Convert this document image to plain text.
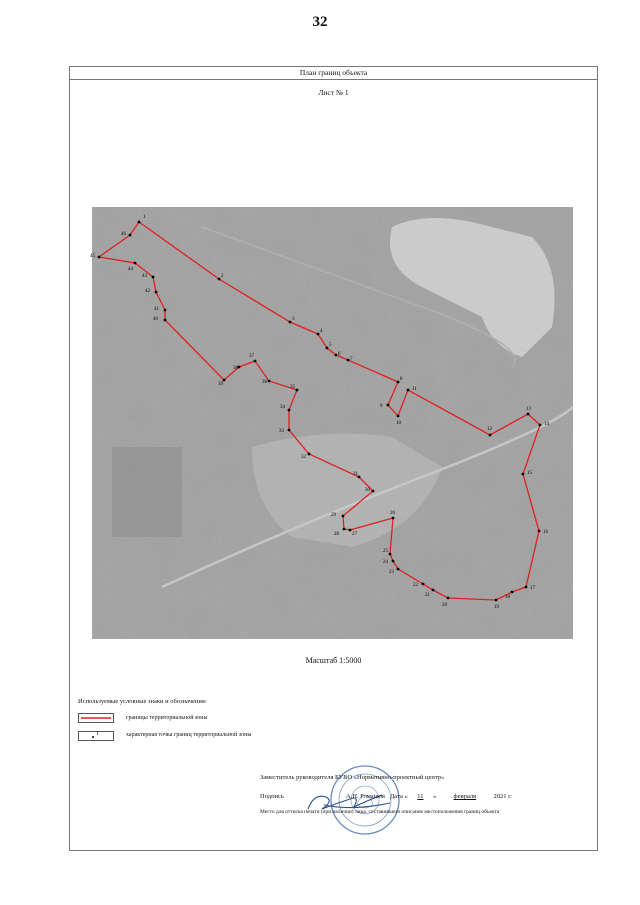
32
План границ объекта
Лист № 1
1
2
3
4
5
6
7
8
9
10
11
12
13
14
15
16
17
18
19
20
21
22
23
24
25
26
27
28
29
30
31
32
33
34
35
36
37
38
39
40
41
42
43
44
45
46
Масштаб 1:5000
Используемые условные знаки и обозначения:
границы территориальной зоны
1	характерная точка границ территориальной зоны
Заместитель руководителя БУВО «Нормативно-проектный центр»
Подпись	А.Н. Ромашов Дата « 11 »	февраля	2021 г.
Место для оттиска печати (при наличии) лица, составившего описание местоположения границ объекта
